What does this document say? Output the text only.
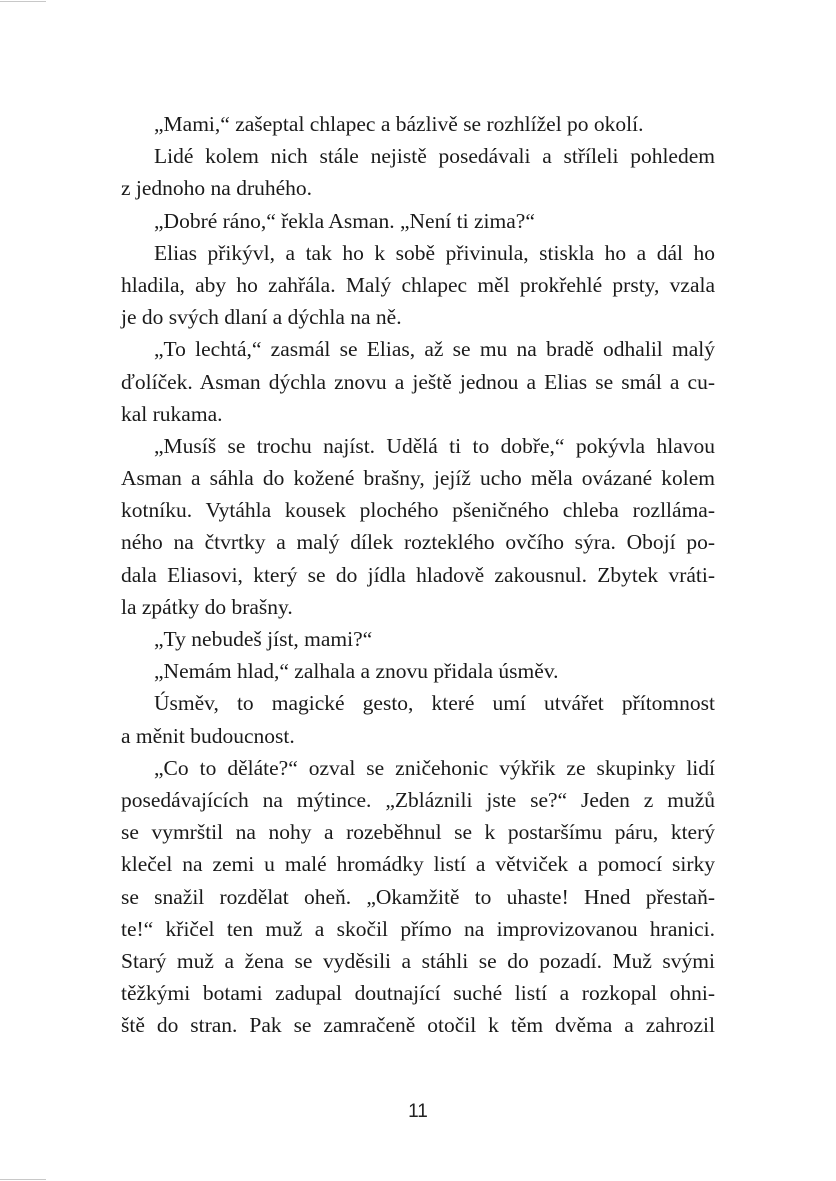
„Mami,“ zašeptal chlapec a bázlivě se rozhlížel po okolí.
Lidé kolem nich stále nejistě posedávali a stříleli pohledem
z jednoho na druhého.
„Dobré ráno,“ řekla Asman. „Není ti zima?“
Elias přikývl, a tak ho k sobě přivinula, stiskla ho a dál ho
hladila, aby ho zahřála. Malý chlapec měl prokřehlé prsty, vzala
je do svých dlaní a dýchla na ně.
„To lechtá,“ zasmál se Elias, až se mu na bradě odhalil malý
ďolíček. Asman dýchla znovu a ještě jednou a Elias se smál a cu-
kal rukama.
„Musíš se trochu najíst. Udělá ti to dobře,“ pokývla hlavou
Asman a sáhla do kožené brašny, jejíž ucho měla ovázané kolem
kotníku. Vytáhla kousek plochého pšeničného chleba rozlláma-
ného na čtvrtky a malý dílek rozteklého ovčího sýra. Obojí po-
dala Eliasovi, který se do jídla hladově zakousnul. Zbytek vráti-
la zpátky do brašny.
„Ty nebudeš jíst, mami?“
„Nemám hlad,“ zalhala a znovu přidala úsměv.
Úsměv, to magické gesto, které umí utvářet přítomnost
a měnit budoucnost.
„Co to děláte?“ ozval se zničehonic výkřik ze skupinky lidí
posedávajících na mýtince. „Zbláznili jste se?“ Jeden z mužů
se vymrštil na nohy a rozeběhnul se k postaršímu páru, který
klečel na zemi u malé hromádky listí a větviček a pomocí sirky
se snažil rozdělat oheň. „Okamžitě to uhaste! Hned přestaň-
te!“ křičel ten muž a skočil přímo na improvizovanou hranici.
Starý muž a žena se vyděsili a stáhli se do pozadí. Muž svými
těžkými botami zadupal doutnající suché listí a rozkopal ohni-
ště do stran. Pak se zamračeně otočil k těm dvěma a zahrozil
11
